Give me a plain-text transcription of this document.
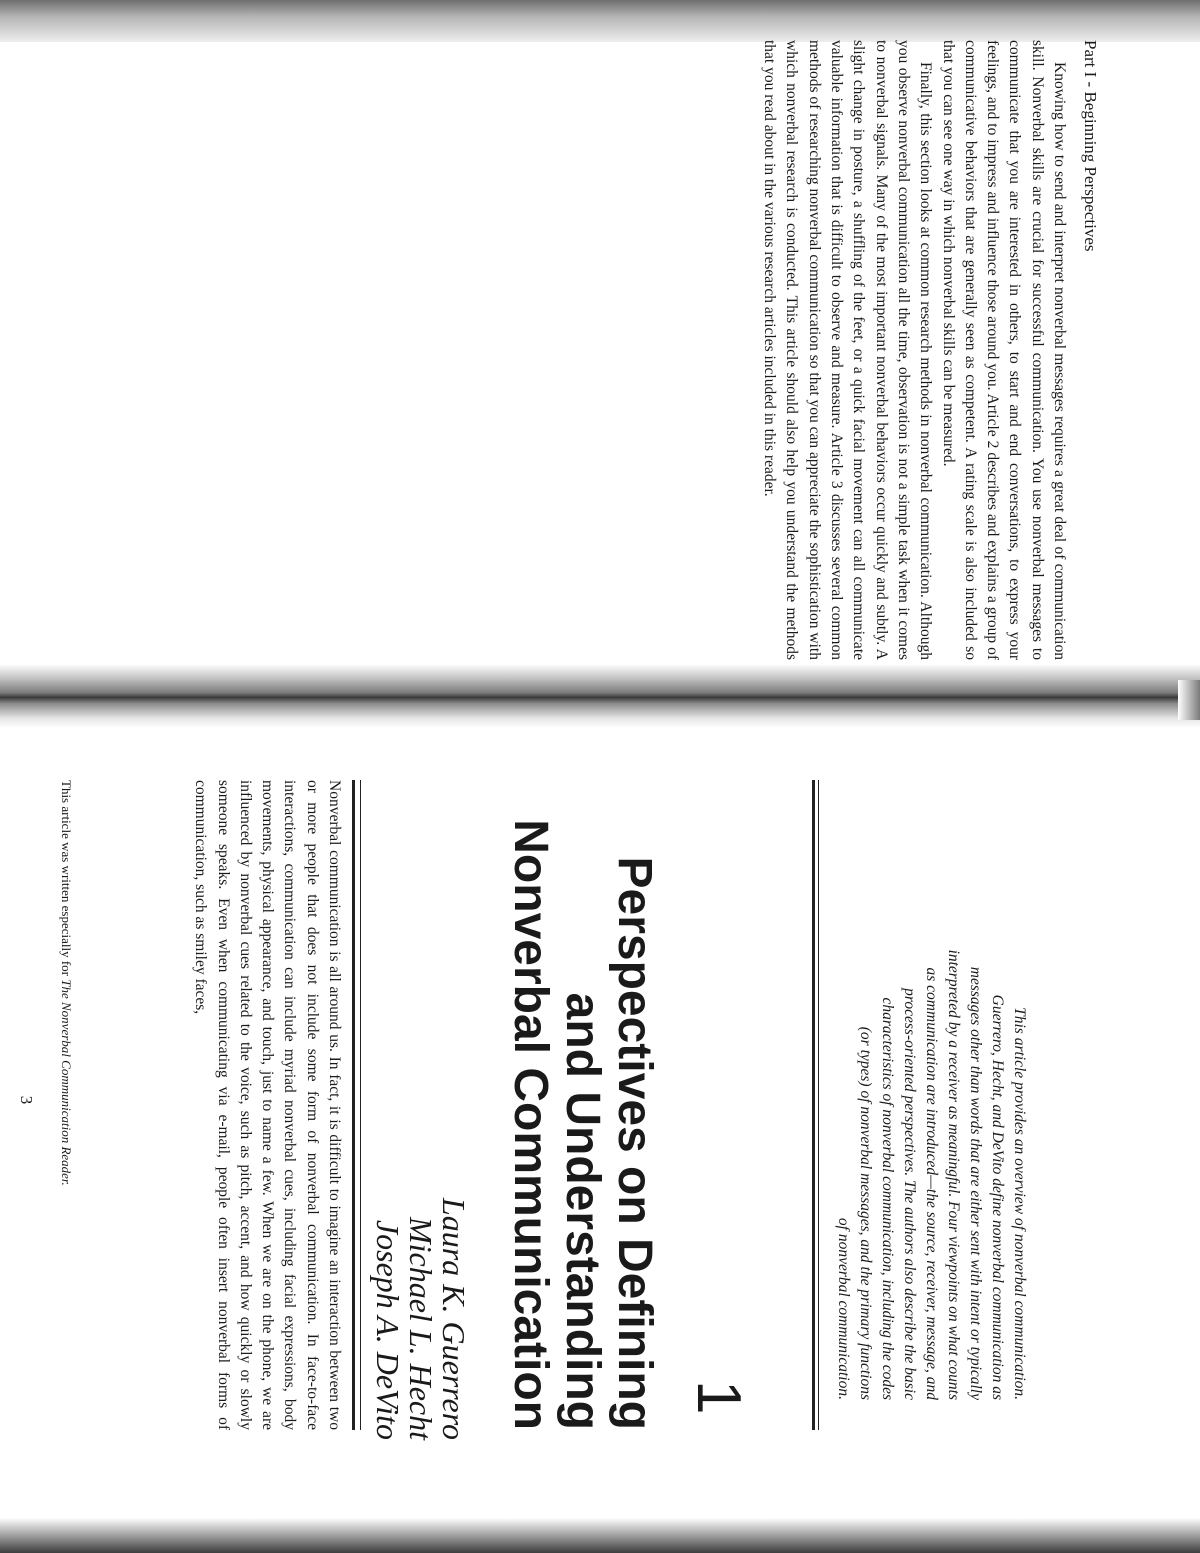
Part I - Beginning Perspectives

Knowing how to send and interpret nonverbal messages requires a great deal of communication skill. Nonverbal skills are crucial for successful communication. You use nonverbal messages to communicate that you are interested in others, to start and end conversations, to express your feelings, and to impress and influence those around you. Article 2 describes and explains a group of communicative behaviors that are generally seen as competent. A rating scale is also included so that you can see one way in which nonverbal skills can be measured.

Finally, this section looks at common research methods in nonverbal communication. Although you observe nonverbal communication all the time, observation is not a simple task when it comes to nonverbal signals. Many of the most important nonverbal behaviors occur quickly and subtly. A slight change in posture, a shuffling of the feet, or a quick facial movement can all communicate valuable information that is difficult to observe and measure. Article 3 discusses several common methods of researching nonverbal communication so that you can appreciate the sophistication with which nonverbal research is conducted. This article should also help you understand the methods that you read about in the various research articles included in this reader.

1	This article provides an overview of nonverbal communication.

Guerrero, Hecht, and DeVito define nonverbal communication as

messages other than words that are either sent with intent or typically

interpreted by a receiver as meaningful. Four viewpoints on what counts

as communication are introduced—the source, receiver, message, and

process-oriented perspectives. The authors also describe the basic

characteristics of nonverbal communication, including the codes

(or types) of nonverbal messages, and the primary functions

of nonverbal communication.

Perspectives on Defining
and Understanding
Nonverbal Communication
Laura K. Guerrero
Michael L. Hecht
Joseph A. DeVito

Nonverbal communication is all around us. In fact, it is difficult to imagine an interaction between two or more people that does not include some form of nonverbal communication. In face-to-face interactions, communication can include myriad nonverbal cues, including facial expressions, body movements, physical appearance, and touch, just to name a few. When we are on the phone, we are influenced by nonverbal cues related to the voice, such as pitch, accent, and how quickly or slowly someone speaks. Even when communicating via e-mail, people often insert nonverbal forms of communication, such as smiley faces,

This article was written especially for The Nonverbal Communication Reader.
3
